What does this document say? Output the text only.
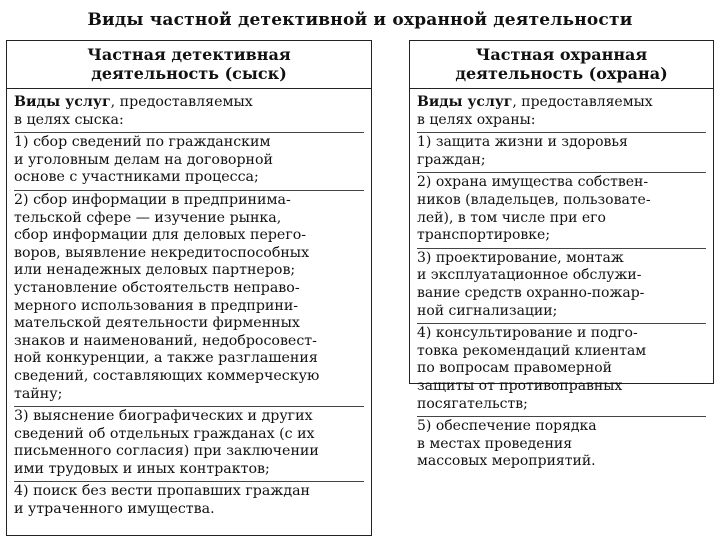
Виды частной детективной и охранной деятельности
Частная детективная
деятельность (сыск)
Виды услуг, предоставляемых
в целях сыска:
1) сбор сведений по гражданским
и уголовным делам на договорной
основе с участниками процесса;
2) сбор информации в предпринима-
тельской сфере — изучение рынка,
сбор информации для деловых перего-
воров, выявление некредитоспособных
или ненадежных деловых партнеров;
установление обстоятельств неправо-
мерного использования в предприни-
мательской деятельности фирменных
знаков и наименований, недобросовест-
ной конкуренции, а также разглашения
сведений, составляющих коммерческую
тайну;
3) выяснение биографических и других
сведений об отдельных гражданах (с их
письменного согласия) при заключении
ими трудовых и иных контрактов;
4) поиск без вести пропавших граждан
и утраченного имущества.
Частная охранная
деятельность (охрана)
Виды услуг, предоставляемых
в целях охраны:
1) защита жизни и здоровья
граждан;
2) охрана имущества собствен-
ников (владельцев, пользовате-
лей), в том числе при его
транспортировке;
3) проектирование, монтаж
и эксплуатационное обслужи-
вание средств охранно-пожар-
ной сигнализации;
4) консультирование и подго-
товка рекомендаций клиентам
по вопросам правомерной
защиты от противоправных
посягательств;
5) обеспечение порядка
в местах проведения
массовых мероприятий.
